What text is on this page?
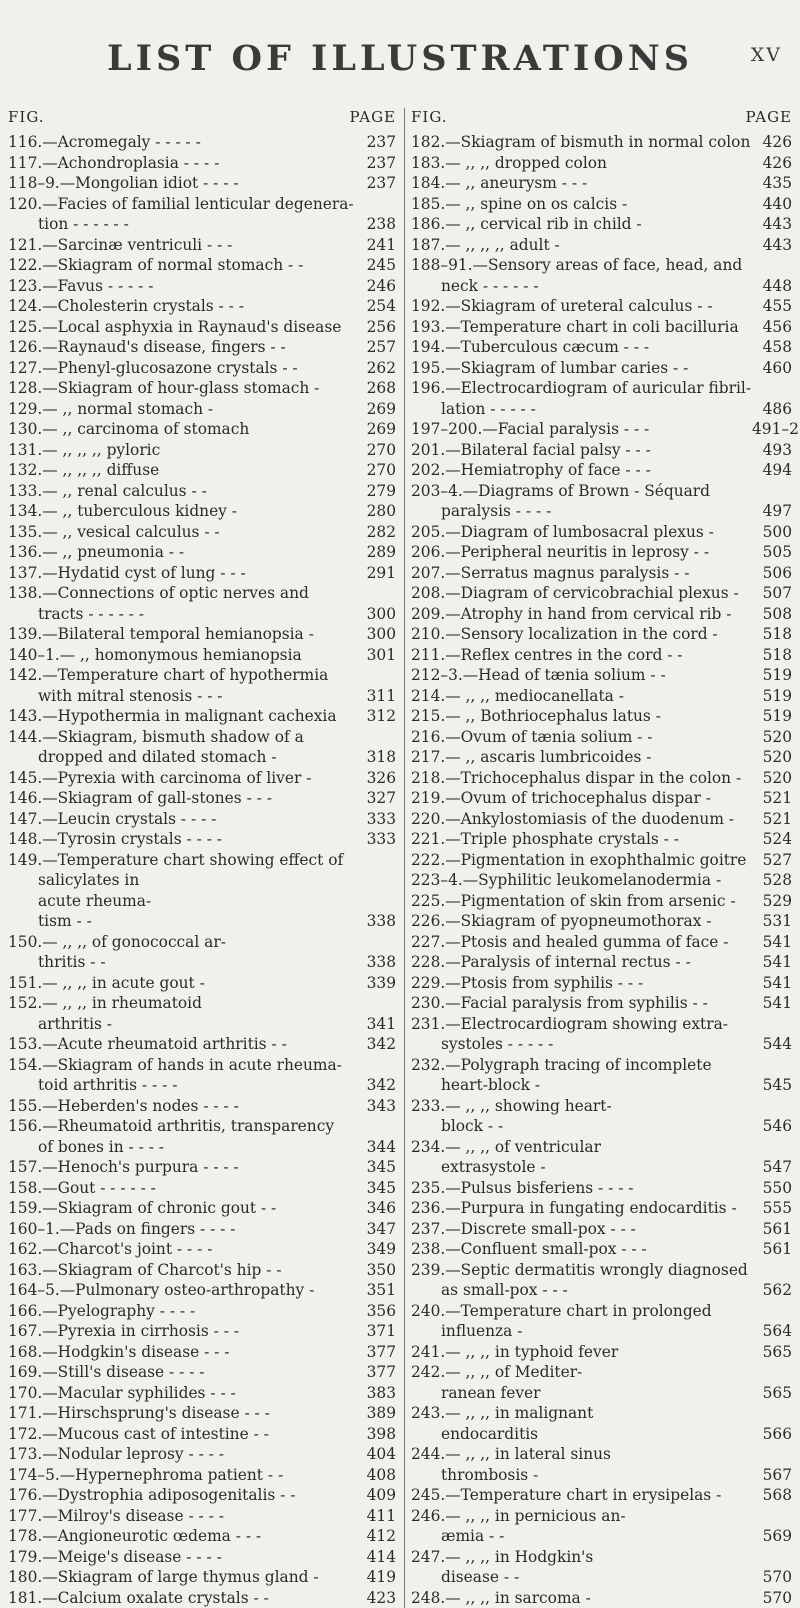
LIST OF ILLUSTRATIONS	XV
FIG.	PAGE
116.—Acromegaly - - - - -	237
117.—Achondroplasia - - - -	237
118–9.—Mongolian idiot - - - -	237
120.—Facies of familial lenticular degenera-
tion - - - - - -	238
121.—Sarcinæ ventriculi - - -	241
122.—Skiagram of normal stomach - -	245
123.—Favus - - - - -	246
124.—Cholesterin crystals - - -	254
125.—Local asphyxia in Raynaud's disease	256
126.—Raynaud's disease, fingers - -	257
127.—Phenyl-glucosazone crystals - -	262
128.—Skiagram of hour-glass stomach -	268
129.— ,, normal stomach -	269
130.— ,, carcinoma of stomach	269
131.— ,, ,, ,, pyloric	270
132.— ,, ,, ,, diffuse	270
133.— ,, renal calculus - -	279
134.— ,, tuberculous kidney -	280
135.— ,, vesical calculus - -	282
136.— ,, pneumonia - -	289
137.—Hydatid cyst of lung - - -	291
138.—Connections of optic nerves and
tracts - - - - - -	300
139.—Bilateral temporal hemianopsia -	300
140–1.— ,, homonymous hemianopsia	301
142.—Temperature chart of hypothermia
with mitral stenosis - - -	311
143.—Hypothermia in malignant cachexia	312
144.—Skiagram, bismuth shadow of a
dropped and dilated stomach -	318
145.—Pyrexia with carcinoma of liver -	326
146.—Skiagram of gall-stones - - -	327
147.—Leucin crystals - - - -	333
148.—Tyrosin crystals - - - -	333
149.—Temperature chart showing effect of
salicylates in
acute rheuma-
tism - -	338
150.— ,, ,, of gonococcal ar-
thritis - -	338
151.— ,, ,, in acute gout -	339
152.— ,, ,, in rheumatoid
arthritis -	341
153.—Acute rheumatoid arthritis - -	342
154.—Skiagram of hands in acute rheuma-
toid arthritis - - - -	342
155.—Heberden's nodes - - - -	343
156.—Rheumatoid arthritis, transparency
of bones in - - - -	344
157.—Henoch's purpura - - - -	345
158.—Gout - - - - - -	345
159.—Skiagram of chronic gout - -	346
160–1.—Pads on fingers - - - -	347
162.—Charcot's joint - - - -	349
163.—Skiagram of Charcot's hip - -	350
164–5.—Pulmonary osteo-arthropathy -	351
166.—Pyelography - - - -	356
167.—Pyrexia in cirrhosis - - -	371
168.—Hodgkin's disease - - -	377
169.—Still's disease - - - -	377
170.—Macular syphilides - - -	383
171.—Hirschsprung's disease - - -	389
172.—Mucous cast of intestine - -	398
173.—Nodular leprosy - - - -	404
174–5.—Hypernephroma patient - -	408
176.—Dystrophia adiposogenitalis - -	409
177.—Milroy's disease - - - -	411
178.—Angioneurotic œdema - - -	412
179.—Meige's disease - - - -	414
180.—Skiagram of large thymus gland -	419
181.—Calcium oxalate crystals - -	423
FIG.	PAGE
182.—Skiagram of bismuth in normal colon 426
183.— ,, ,, dropped colon	426
184.— ,, aneurysm - - -	435
185.— ,, spine on os calcis -	440
186.— ,, cervical rib in child -	443
187.— ,, ,, ,, adult -	443
188–91.—Sensory areas of face, head, and
neck - - - - - -	448
192.—Skiagram of ureteral calculus - -	455
193.—Temperature chart in coli bacilluria	456
194.—Tuberculous cæcum - - -	458
195.—Skiagram of lumbar caries - -	460
196.—Electrocardiogram of auricular fibril-
lation - - - - -	486
197–200.—Facial paralysis - - -	491–2
201.—Bilateral facial palsy - - -	493
202.—Hemiatrophy of face - - -	494
203–4.—Diagrams of Brown - Séquard
paralysis - - - -	497
205.—Diagram of lumbosacral plexus -	500
206.—Peripheral neuritis in leprosy - -	505
207.—Serratus magnus paralysis - -	506
208.—Diagram of cervicobrachial plexus -	507
209.—Atrophy in hand from cervical rib -	508
210.—Sensory localization in the cord -	518
211.—Reflex centres in the cord - -	518
212–3.—Head of tænia solium - -	519
214.— ,, ,, mediocanellata -	519
215.— ,, Bothriocephalus latus -	519
216.—Ovum of tænia solium - -	520
217.— ,, ascaris lumbricoides -	520
218.—Trichocephalus dispar in the colon -	520
219.—Ovum of trichocephalus dispar -	521
220.—Ankylostomiasis of the duodenum -	521
221.—Triple phosphate crystals - -	524
222.—Pigmentation in exophthalmic goitre	527
223–4.—Syphilitic leukomelanodermia -	528
225.—Pigmentation of skin from arsenic -	529
226.—Skiagram of pyopneumothorax -	531
227.—Ptosis and healed gumma of face -	541
228.—Paralysis of internal rectus - -	541
229.—Ptosis from syphilis - - -	541
230.—Facial paralysis from syphilis - -	541
231.—Electrocardiogram showing extra-
systoles - - - - -	544
232.—Polygraph tracing of incomplete
heart-block -	545
233.— ,, ,, showing heart-
block - -	546
234.— ,, ,, of ventricular
extrasystole -	547
235.—Pulsus bisferiens - - - -	550
236.—Purpura in fungating endocarditis -	555
237.—Discrete small-pox - - -	561
238.—Confluent small-pox - - -	561
239.—Septic dermatitis wrongly diagnosed
as small-pox - - -	562
240.—Temperature chart in prolonged
influenza -	564
241.— ,, ,, in typhoid fever	565
242.— ,, ,, of Mediter-
ranean fever	565
243.— ,, ,, in malignant
endocarditis	566
244.— ,, ,, in lateral sinus
thrombosis -	567
245.—Temperature chart in erysipelas -	568
246.— ,, ,, in pernicious an-
æmia - -	569
247.— ,, ,, in Hodgkin's
disease - -	570
248.— ,, ,, in sarcoma -	570
